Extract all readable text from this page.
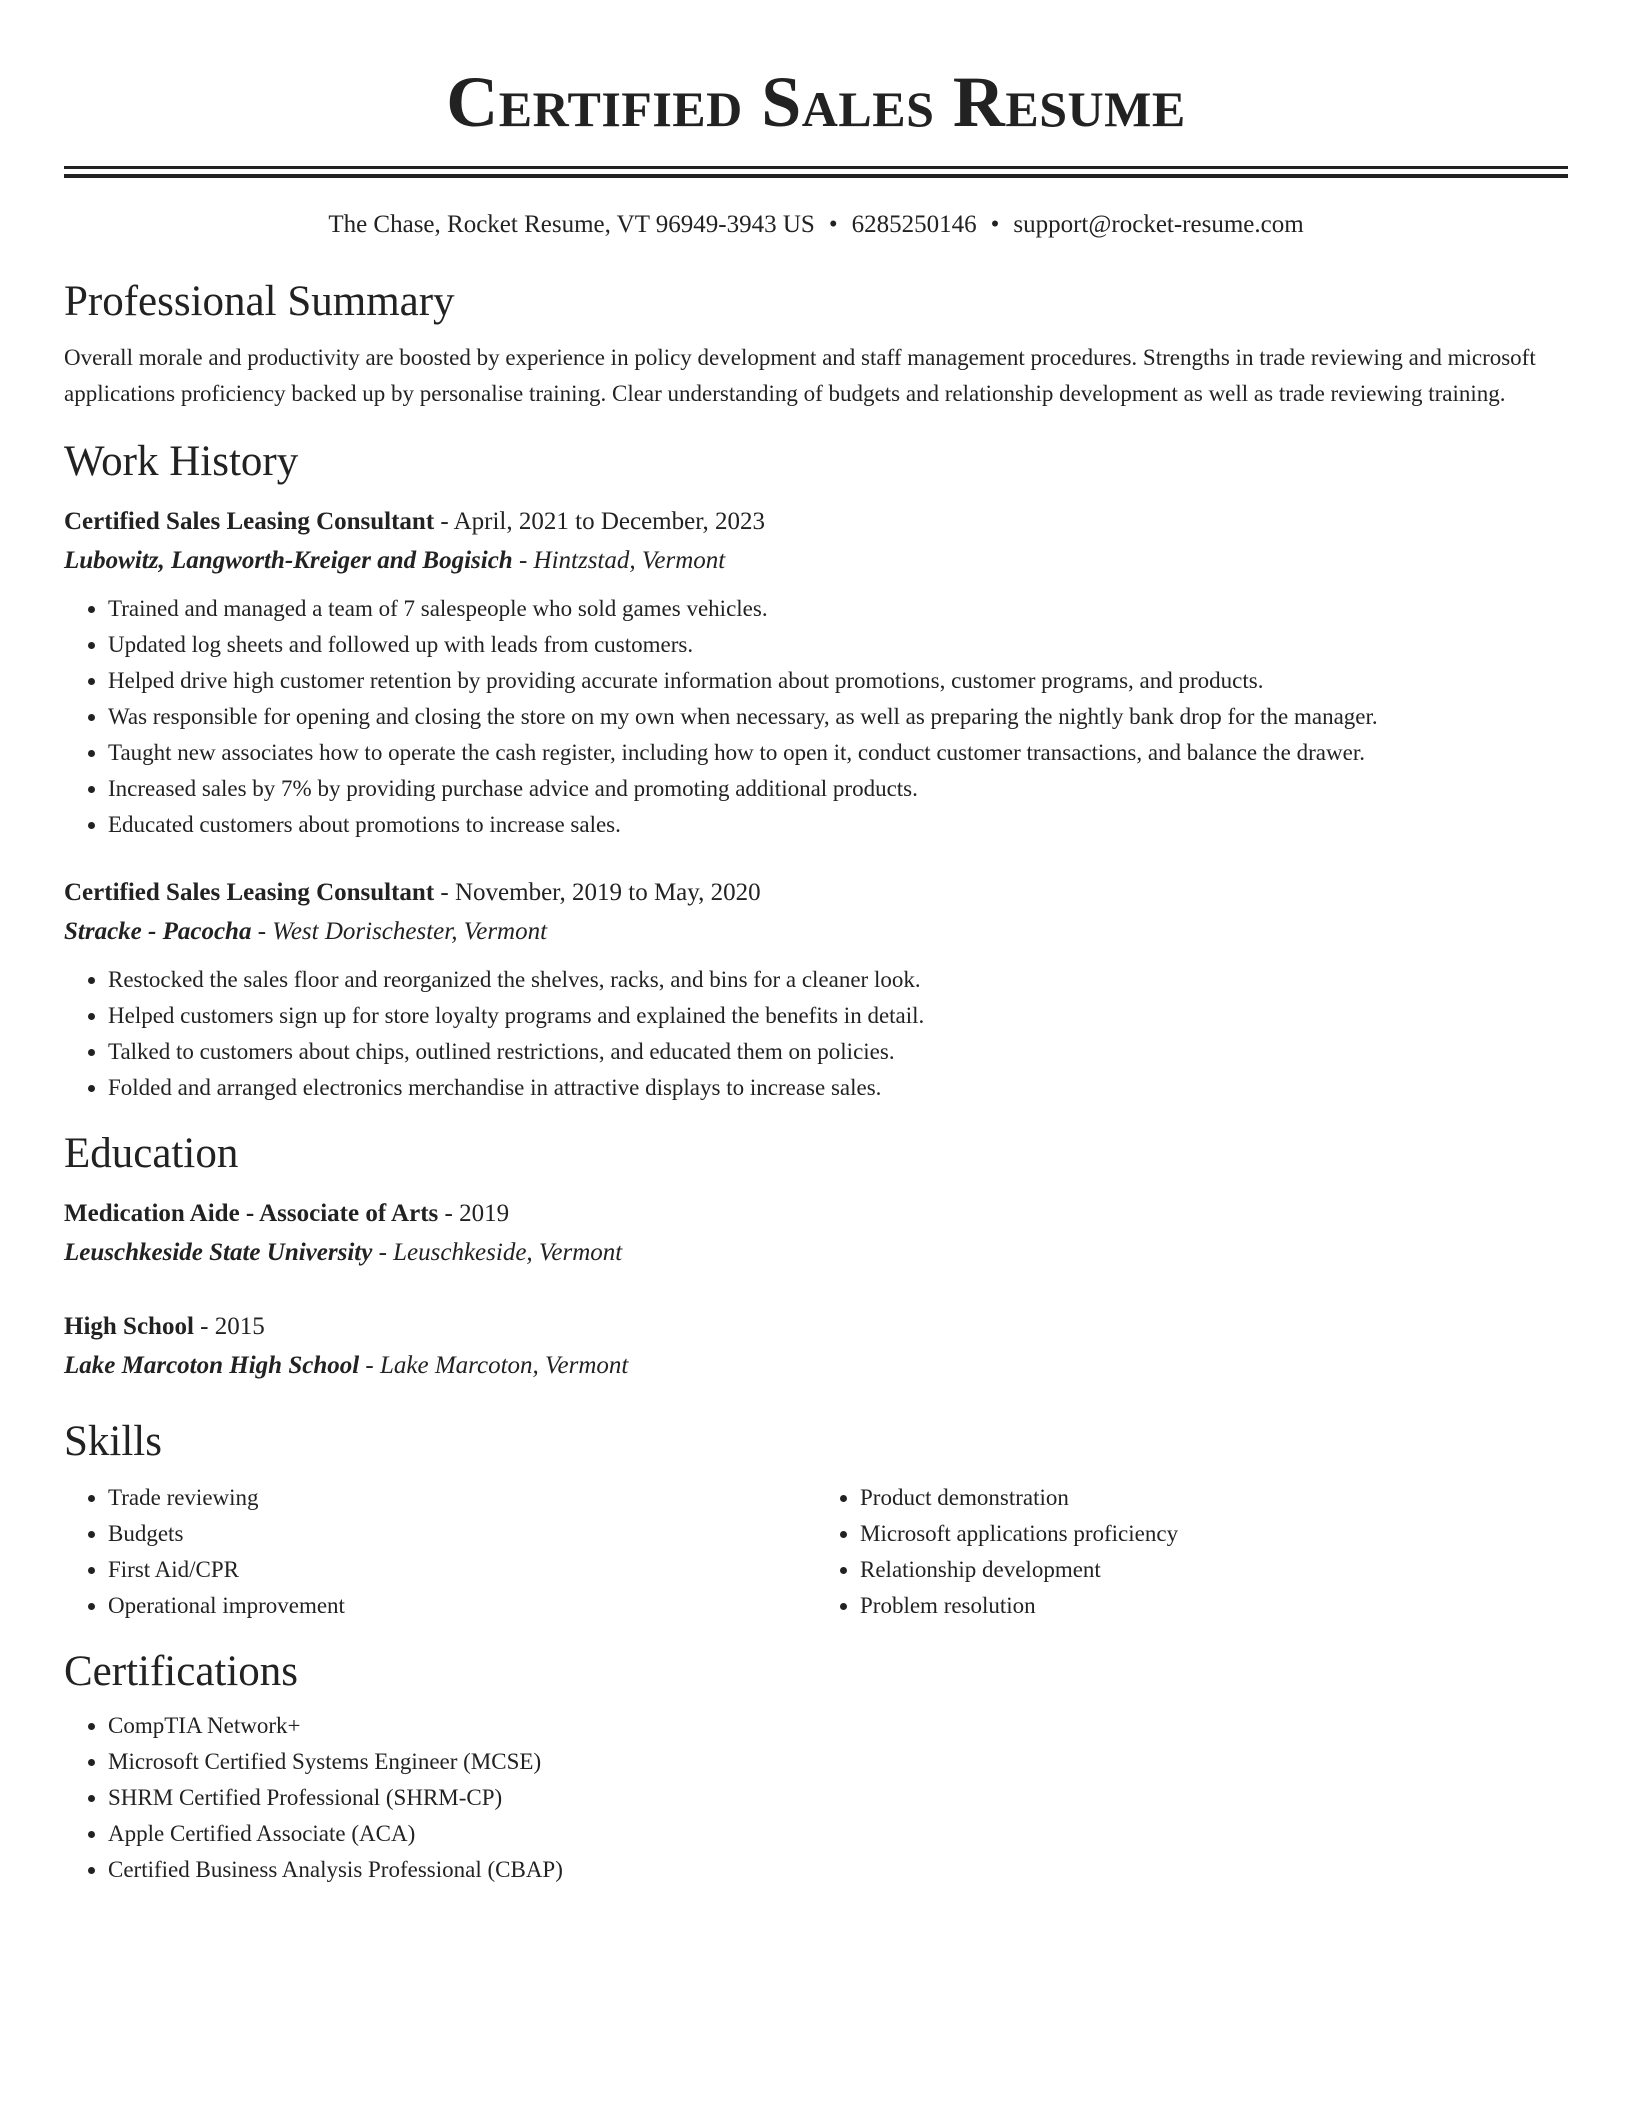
Certified Sales Resume
The Chase, Rocket Resume, VT 96949-3943 US • 6285250146 • support@rocket-resume.com
Professional Summary

Overall morale and productivity are boosted by experience in policy development and staff management procedures. Strengths in trade reviewing and microsoft applications proficiency backed up by personalise training. Clear understanding of budgets and relationship development as well as trade reviewing training.

Work History
Certified Sales Leasing Consultant - April, 2021 to December, 2023
Lubowitz, Langworth-Kreiger and Bogisich - Hintzstad, Vermont
• Trained and managed a team of 7 salespeople who sold games vehicles.
• Updated log sheets and followed up with leads from customers.
• Helped drive high customer retention by providing accurate information about promotions, customer programs, and products.
• Was responsible for opening and closing the store on my own when necessary, as well as preparing the nightly bank drop for the manager.
• Taught new associates how to operate the cash register, including how to open it, conduct customer transactions, and balance the drawer.
• Increased sales by 7% by providing purchase advice and promoting additional products.
• Educated customers about promotions to increase sales.
Certified Sales Leasing Consultant - November, 2019 to May, 2020
Stracke - Pacocha - West Dorischester, Vermont
• Restocked the sales floor and reorganized the shelves, racks, and bins for a cleaner look.
• Helped customers sign up for store loyalty programs and explained the benefits in detail.
• Talked to customers about chips, outlined restrictions, and educated them on policies.
• Folded and arranged electronics merchandise in attractive displays to increase sales.
Education
Medication Aide - Associate of Arts - 2019
Leuschkeside State University - Leuschkeside, Vermont
High School - 2015
Lake Marcoton High School - Lake Marcoton, Vermont
Skills
• Trade reviewing
• Budgets
• First Aid/CPR
• Operational improvement
• Product demonstration
• Microsoft applications proficiency
• Relationship development
• Problem resolution
Certifications
• CompTIA Network+
• Microsoft Certified Systems Engineer (MCSE)
• SHRM Certified Professional (SHRM-CP)
• Apple Certified Associate (ACA)
• Certified Business Analysis Professional (CBAP)
